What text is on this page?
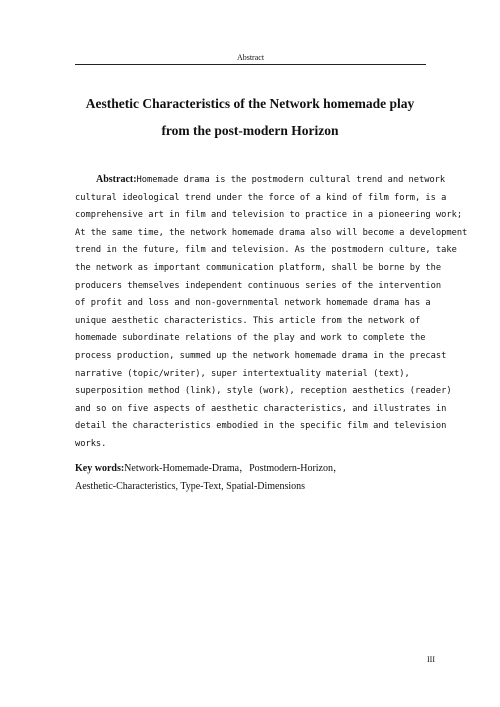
Abstract
Aesthetic Characteristics of the Network homemade play
from the post-modern Horizon
Abstract:Homemade drama is the postmodern cultural trend and network
cultural ideological trend under the force of a kind of film form, is a
comprehensive art in film and television to practice in a pioneering work;
At the same time, the network homemade drama also will become a development
trend in the future, film and television. As the postmodern culture, take
the network as important communication platform, shall be borne by the
producers themselves independent continuous series of the intervention
of profit and loss and non-governmental network homemade drama has a
unique aesthetic characteristics. This article from the network of
homemade subordinate relations of the play and work to complete the
process production, summed up the network homemade drama in the precast
narrative (topic/writer), super intertextuality material (text),
superposition method (link), style (work), reception aesthetics (reader)
and so on five aspects of aesthetic characteristics, and illustrates in
detail the characteristics embodied in the specific film and television
works.
Key words:Network-Homemade-Drama，Postmodern-Horizon，
Aesthetic-Characteristics, Type-Text, Spatial-Dimensions
III
